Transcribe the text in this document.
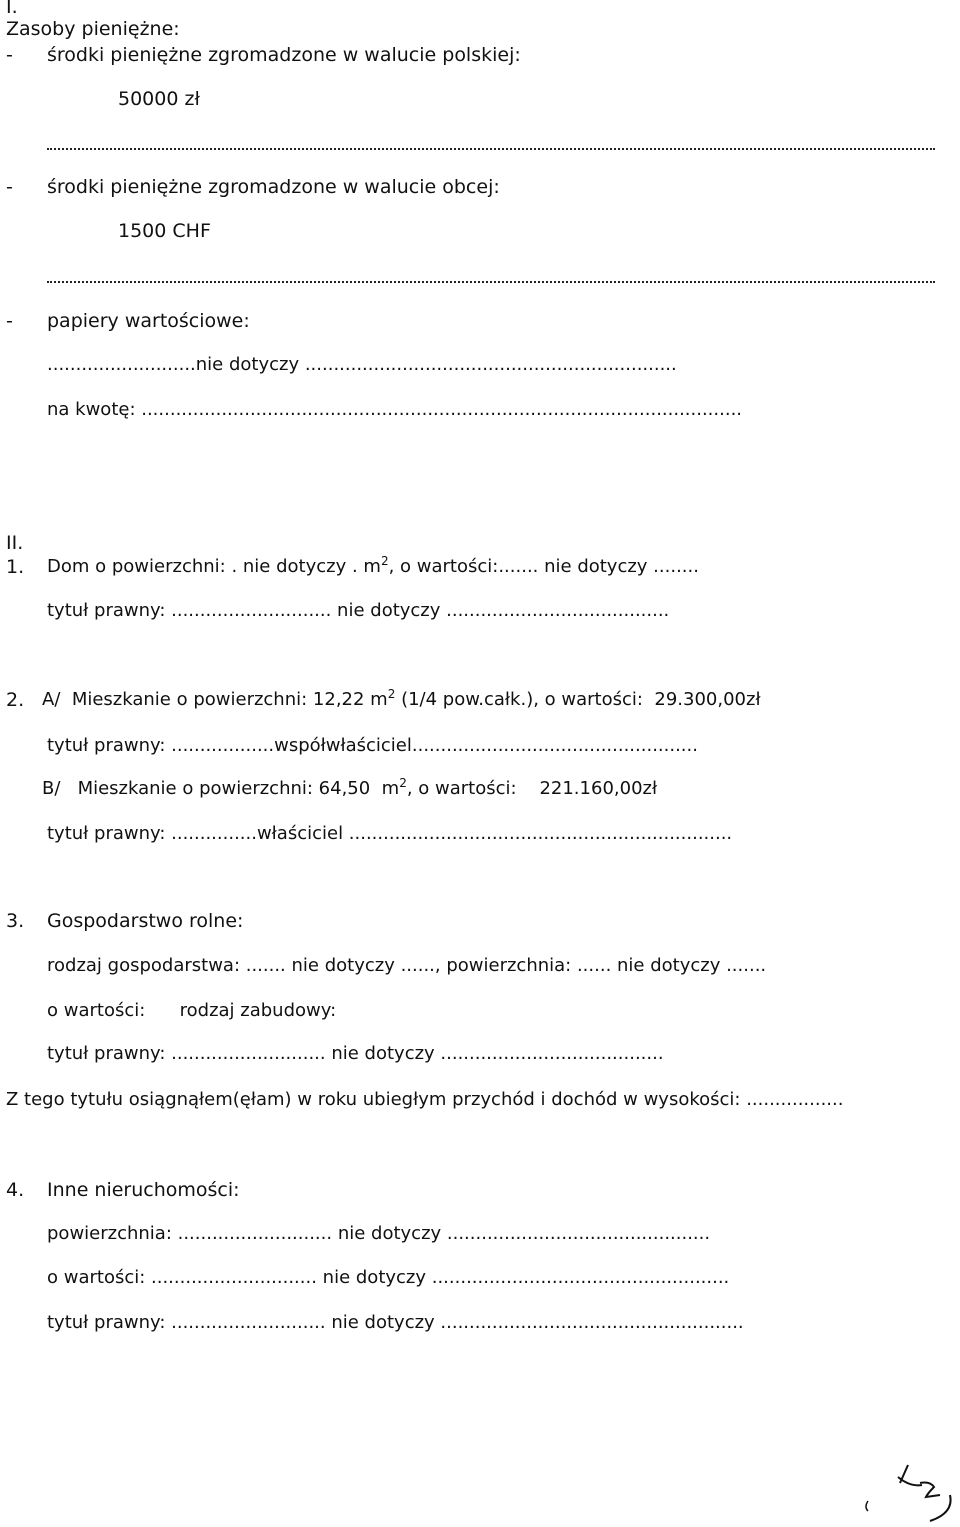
I.
Zasoby pieniężne:
- środki pieniężne zgromadzone w walucie polskiej:
50000 zł
- środki pieniężne zgromadzone w walucie obcej:
1500 CHF
- papiery wartościowe:
..........................nie dotyczy .................................................................
na kwotę: .........................................................................................................
II.
1. Dom o powierzchni: . nie dotyczy . $m^2$, o wartości:....... nie dotyczy ........
tytuł prawny: ............................ nie dotyczy .......................................
2. A/  Mieszkanie o powierzchni: 12,22 $m^2$ (1/4 pow.całk.), o wartości:  29.300,00zł
tytuł prawny: ..................współwłaściciel..................................................
B/   Mieszkanie o powierzchni: 64,50  $m^2$, o wartości:    221.160,00zł
tytuł prawny: ...............właściciel ...................................................................
3. Gospodarstwo rolne:
rodzaj gospodarstwa: ....... nie dotyczy ......, powierzchnia: ...... nie dotyczy .......
o wartości:      rodzaj zabudowy:
tytuł prawny: ........................... nie dotyczy .......................................
Z tego tytułu osiągnąłem(ęłam) w roku ubiegłym przychód i dochód w wysokości: .................
4. Inne nieruchomości:
powierzchnia: ........................... nie dotyczy ..............................................
o wartości: ............................. nie dotyczy ....................................................
tytuł prawny: ........................... nie dotyczy .....................................................
